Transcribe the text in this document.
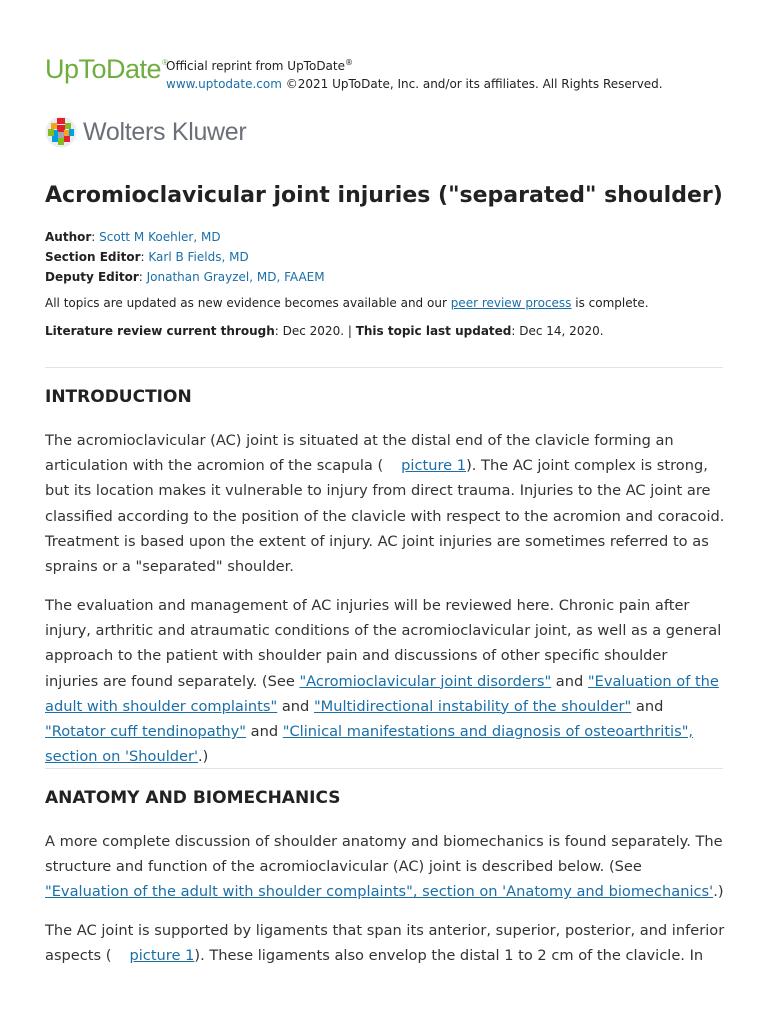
UpToDate®
Official reprint from UpToDate®
www.uptodate.com ©2021 UpToDate, Inc. and/or its affiliates. All Rights Reserved.
Wolters Kluwer
Acromioclavicular joint injuries ("separated" shoulder)
Author: Scott M Koehler, MD
Section Editor: Karl B Fields, MD
Deputy Editor: Jonathan Grayzel, MD, FAAEM
All topics are updated as new evidence becomes available and our peer review process is complete.
Literature review current through: Dec 2020. | This topic last updated: Dec 14, 2020.
INTRODUCTION

The acromioclavicular (AC) joint is situated at the distal end of the clavicle forming an articulation with the acromion of the scapula ( picture 1). The AC joint complex is strong, but its location makes it vulnerable to injury from direct trauma. Injuries to the AC joint are classified according to the position of the clavicle with respect to the acromion and coracoid. Treatment is based upon the extent of injury. AC joint injuries are sometimes referred to as sprains or a "separated" shoulder.

The evaluation and management of AC injuries will be reviewed here. Chronic pain after injury, arthritic and atraumatic conditions of the acromioclavicular joint, as well as a general approach to the patient with shoulder pain and discussions of other specific shoulder injuries are found separately. (See "Acromioclavicular joint disorders" and "Evaluation of the adult with shoulder complaints" and "Multidirectional instability of the shoulder" and "Rotator cuff tendinopathy" and "Clinical manifestations and diagnosis of osteoarthritis", section on 'Shoulder'.)

ANATOMY AND BIOMECHANICS

A more complete discussion of shoulder anatomy and biomechanics is found separately. The structure and function of the acromioclavicular (AC) joint is described below. (See "Evaluation of the adult with shoulder complaints", section on 'Anatomy and biomechanics'.)

The AC joint is supported by ligaments that span its anterior, superior, posterior, and inferior aspects ( picture 1). These ligaments also envelop the distal 1 to 2 cm of the clavicle. In
